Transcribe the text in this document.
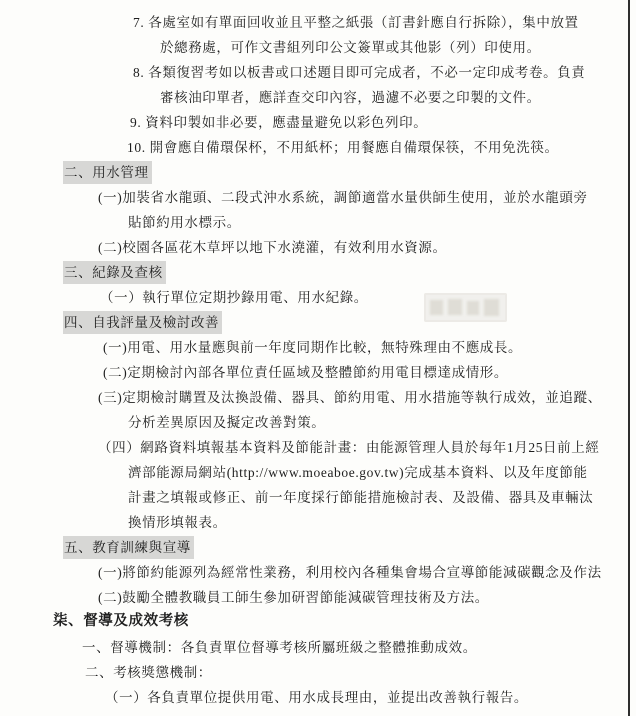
7. 各處室如有單面回收並且平整之紙張（訂書針應自行拆除），集中放置
於總務處，可作文書組列印公文簽單或其他影（列）印使用。
8. 各類復習考如以板書或口述題目即可完成者，不必一定印成考卷。負責
審核油印單者，應詳查交印內容，過濾不必要之印製的文件。
9. 資料印製如非必要，應盡量避免以彩色列印。
10. 開會應自備環保杯，不用紙杯；用餐應自備環保筷，不用免洗筷。
二、用水管理
(一)加裝省水龍頭、二段式沖水系統，調節適當水量供師生使用，並於水龍頭旁
貼節約用水標示。
(二)校園各區花木草坪以地下水澆灌，有效利用水資源。
三、紀錄及查核
（一）執行單位定期抄錄用電、用水紀錄。
四、自我評量及檢討改善
(一)用電、用水量應與前一年度同期作比較，無特殊理由不應成長。
(二)定期檢討內部各單位責任區域及整體節約用電目標達成情形。
(三)定期檢討購置及汰換設備、器具、節約用電、用水措施等執行成效，並追蹤、
分析差異原因及擬定改善對策。
（四）網路資料填報基本資料及節能計畫：由能源管理人員於每年1月25日前上經
濟部能源局網站(http://www.moeaboe.gov.tw)完成基本資料、以及年度節能
計畫之填報或修正、前一年度採行節能措施檢討表、及設備、器具及車輛汰
換情形填報表。
五、教育訓練與宣導
(一)將節約能源列為經常性業務，利用校內各種集會場合宣導節能減碳觀念及作法
(二)鼓勵全體教職員工師生參加研習節能減碳管理技術及方法。
柒、督導及成效考核
一、督導機制：各負責單位督導考核所屬班級之整體推動成效。
二、考核獎懲機制：
（一）各負責單位提供用電、用水成長理由，並提出改善執行報告。
